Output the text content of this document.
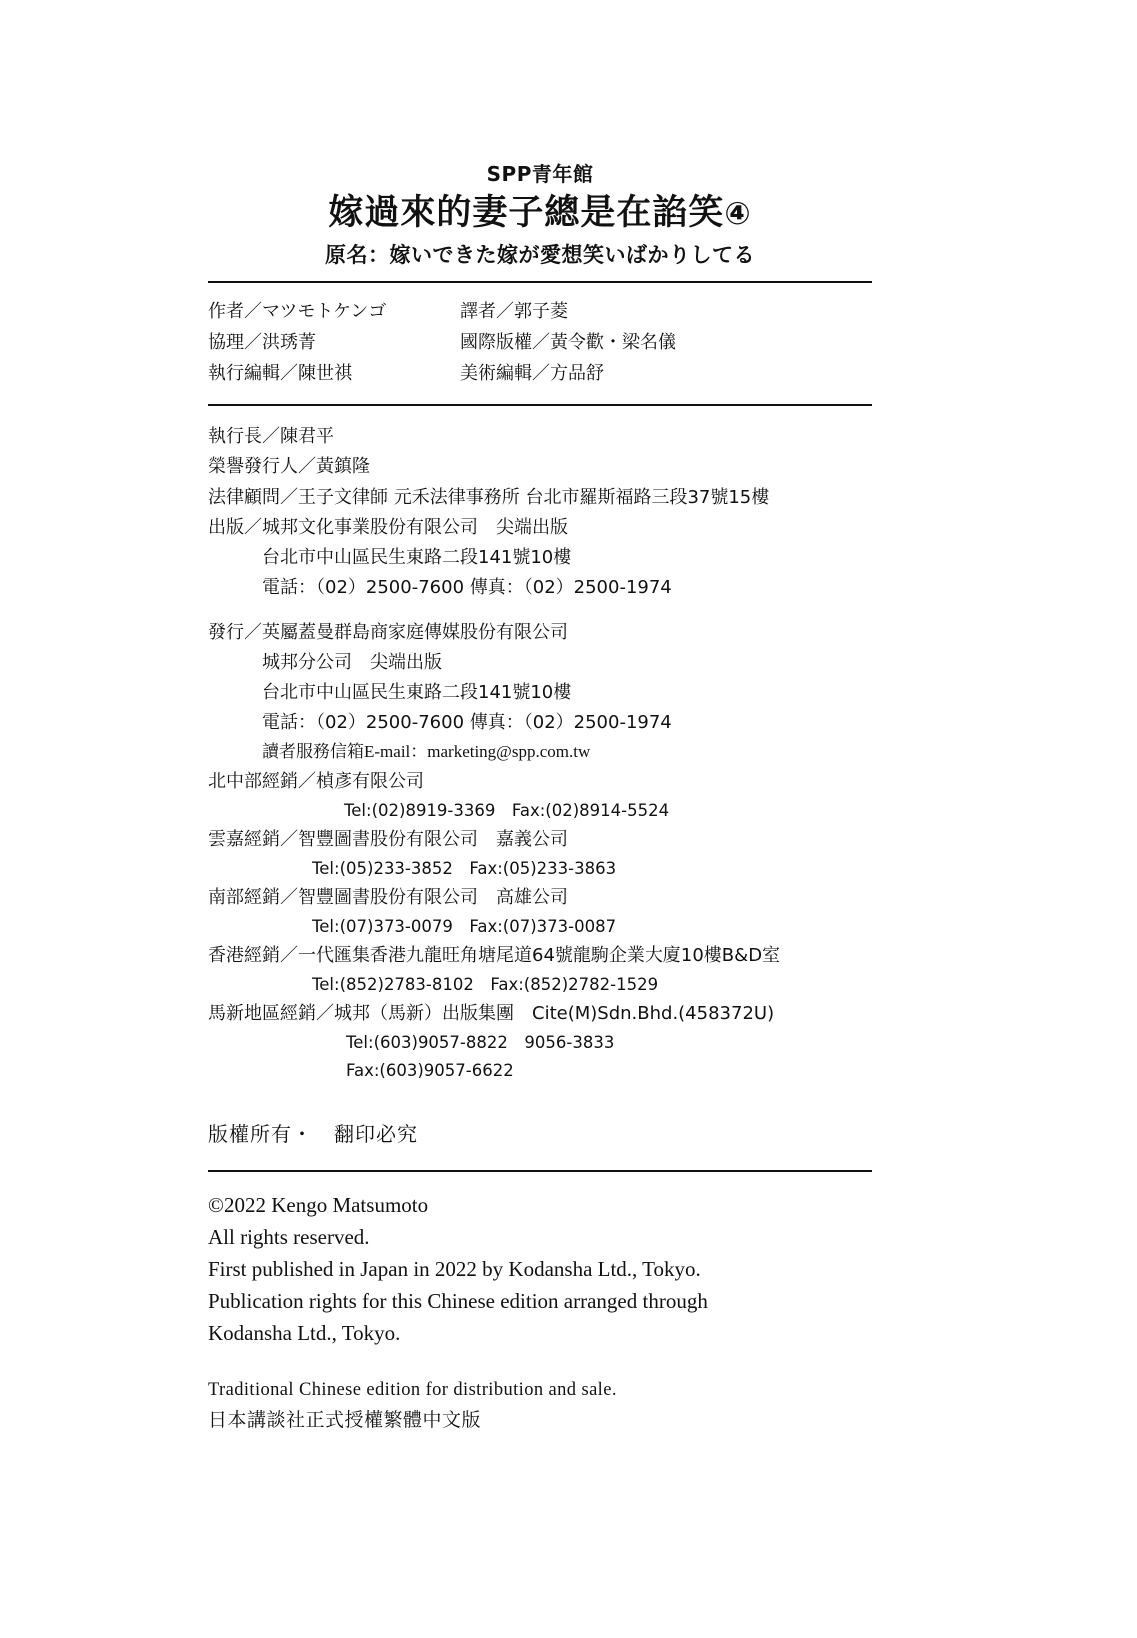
SPP青年館
嫁過來的妻子總是在諂笑④
原名：嫁いできた嫁が愛想笑いばかりしてる
作者／マツモトケンゴ	譯者／郭子菱
協理／洪琇菁	國際版權／黃令歡・梁名儀
執行編輯／陳世祺	美術編輯／方品舒
執行長／陳君平
榮譽發行人／黃鎮隆
法律顧問／王子文律師 元禾法律事務所 台北市羅斯福路三段37號15樓
出版／城邦文化事業股份有限公司　尖端出版
台北市中山區民生東路二段141號10樓
電話：（02）2500-7600 傳真：（02）2500-1974
發行／英屬蓋曼群島商家庭傳媒股份有限公司
城邦分公司　尖端出版
台北市中山區民生東路二段141號10樓
電話：（02）2500-7600 傳真：（02）2500-1974
讀者服務信箱E-mail：marketing@spp.com.tw
北中部經銷／楨彥有限公司
Tel:(02)8919-3369　Fax:(02)8914-5524
雲嘉經銷／智豐圖書股份有限公司　嘉義公司
Tel:(05)233-3852　Fax:(05)233-3863
南部經銷／智豐圖書股份有限公司　高雄公司
Tel:(07)373-0079　Fax:(07)373-0087
香港經銷／一代匯集香港九龍旺角塘尾道64號龍駒企業大廈10樓B&D室
Tel:(852)2783-8102　Fax:(852)2782-1529
馬新地區經銷／城邦（馬新）出版集團　Cite(M)Sdn.Bhd.(458372U)
Tel:(603)9057-8822　9056-3833
Fax:(603)9057-6622
版權所有・　翻印必究

©2022 Kengo Matsumoto

All rights reserved.

First published in Japan in 2022 by Kodansha Ltd., Tokyo.

Publication rights for this Chinese edition arranged through

Kodansha Ltd., Tokyo.

Traditional Chinese edition for distribution and sale.

日本講談社正式授權繁體中文版
